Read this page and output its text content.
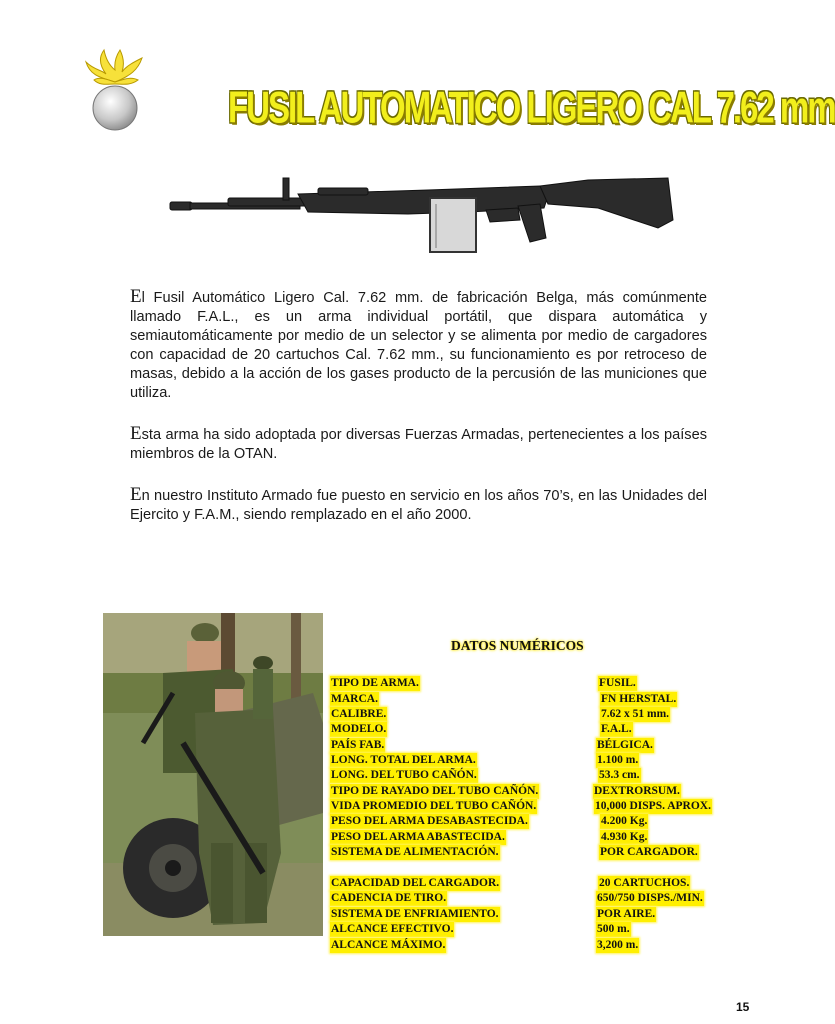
FUSIL AUTOMATICO LIGERO CAL 7.62 mm
El Fusil Automático Ligero Cal. 7.62 mm. de fabricación Belga, más comúnmente llamado F.A.L., es un arma individual portátil, que dispara automática y semiautomáticamente por medio de un selector y se alimenta por medio de cargadores con capacidad de 20 cartuchos Cal. 7.62 mm., su funcionamiento es por retroceso de masas, debido a la acción de los gases producto de la percusión de las municiones que utiliza.
Esta arma ha sido adoptada por diversas Fuerzas Armadas, pertenecientes a los países miembros de la OTAN.
En nuestro Instituto Armado fue puesto en servicio en los años 70’s, en las Unidades del Ejercito y F.A.M., siendo remplazado en el año 2000.
DATOS NUMÉRICOS
TIPO DE ARMA.	FUSIL.
MARCA.	FN HERSTAL.
CALIBRE.	7.62 x 51 mm.
MODELO.	F.A.L.
PAÍS FAB.	BÉLGICA.
LONG. TOTAL DEL ARMA.	1.100 m.
LONG. DEL TUBO CAÑÓN.	53.3 cm.
TIPO DE RAYADO DEL TUBO CAÑÓN.	DEXTRORSUM.
VIDA PROMEDIO DEL TUBO CAÑÓN.	10,000 DISPS. APROX.
PESO DEL ARMA DESABASTECIDA.	4.200 Kg.
PESO DEL ARMA ABASTECIDA.	4.930 Kg.
SISTEMA DE ALIMENTACIÓN.	POR CARGADOR.
CAPACIDAD DEL CARGADOR.	20 CARTUCHOS.
CADENCIA DE TIRO.	650/750 DISPS./MIN.
SISTEMA DE ENFRIAMIENTO.	POR AIRE.
ALCANCE EFECTIVO.	500 m.
ALCANCE MÁXIMO.	3,200 m.
15
